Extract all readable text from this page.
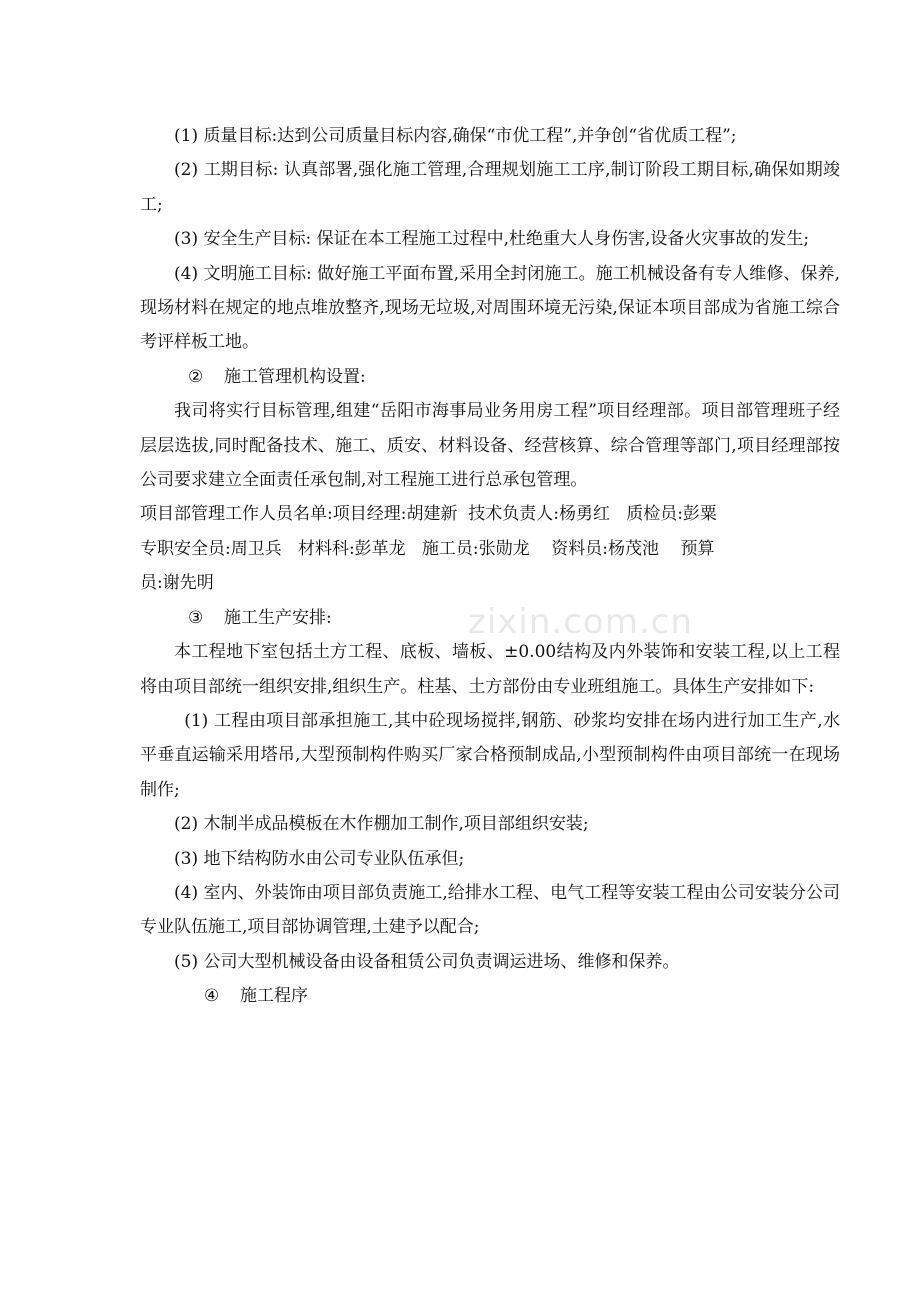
(1) 质量目标:达到公司质量目标内容,确保“市优工程”,并争创“省优质工程”;

(2) 工期目标: 认真部署,强化施工管理,合理规划施工工序,制订阶段工期目标,确保如期竣工;

(3) 安全生产目标: 保证在本工程施工过程中,杜绝重大人身伤害,设备火灾事故的发生;

(4) 文明施工目标: 做好施工平面布置,采用全封闭施工。施工机械设备有专人维修、保养,现场材料在规定的地点堆放整齐,现场无垃圾,对周围环境无污染,保证本项目部成为省施工综合考评样板工地。

② 施工管理机构设置:

我司将实行目标管理,组建“岳阳市海事局业务用房工程”项目经理部。项目部管理班子经层层选拔,同时配备技术、施工、质安、材料设备、经营核算、综合管理等部门,项目经理部按公司要求建立全面责任承包制,对工程施工进行总承包管理。

项目部管理工作人员名单:项目经理:胡建新  技术负责人:杨勇红   质检员:彭粟

专职安全员:周卫兵   材料科:彭革龙   施工员:张勋龙    资料员:杨茂池    预算

员:谢先明

③ 施工生产安排:

本工程地下室包括土方工程、底板、墙板、±0.00结构及内外装饰和安装工程,以上工程将由项目部统一组织安排,组织生产。柱基、土方部份由专业班组施工。具体生产安排如下:

(1) 工程由项目部承担施工,其中砼现场搅拌,钢筋、砂浆均安排在场内进行加工生产,水平垂直运输采用塔吊,大型预制构件购买厂家合格预制成品,小型预制构件由项目部统一在现场制作;

(2) 木制半成品模板在木作棚加工制作,项目部组织安装;

(3) 地下结构防水由公司专业队伍承但;

(4) 室内、外装饰由项目部负责施工,给排水工程、电气工程等安装工程由公司安装分公司专业队伍施工,项目部协调管理,土建予以配合;

(5) 公司大型机械设备由设备租赁公司负责调运进场、维修和保养。

④ 施工程序

zixin.com.cn
